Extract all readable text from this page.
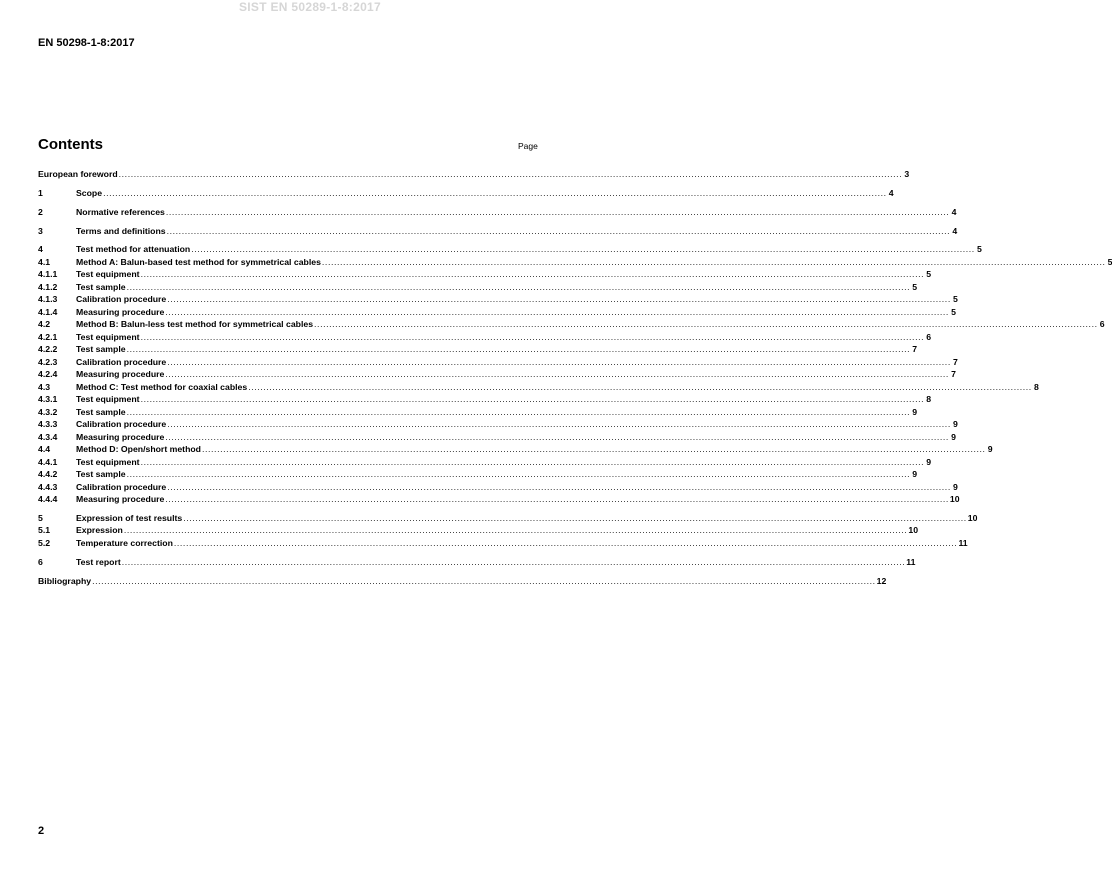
SIST EN 50289-1-8:2017
EN 50298-1-8:2017
Contents	Page
European foreword .................................................................................................................................................................................................................................................................... 3
1	Scope .................................................................................................................................................................................................................................................................... 4
2	Normative references .................................................................................................................................................................................................................................................................... 4
3	Terms and definitions .................................................................................................................................................................................................................................................................... 4
4	Test method for attenuation .................................................................................................................................................................................................................................................................... 5
4.1	Method A: Balun-based test method for symmetrical cables .................................................................................................................................................................................................................................................................... 5
4.1.1	Test equipment .................................................................................................................................................................................................................................................................... 5
4.1.2	Test sample .................................................................................................................................................................................................................................................................... 5
4.1.3	Calibration procedure .................................................................................................................................................................................................................................................................... 5
4.1.4	Measuring procedure .................................................................................................................................................................................................................................................................... 5
4.2	Method B: Balun-less test method for symmetrical cables .................................................................................................................................................................................................................................................................... 6
4.2.1	Test equipment .................................................................................................................................................................................................................................................................... 6
4.2.2	Test sample .................................................................................................................................................................................................................................................................... 7
4.2.3	Calibration procedure .................................................................................................................................................................................................................................................................... 7
4.2.4	Measuring procedure .................................................................................................................................................................................................................................................................... 7
4.3	Method C: Test method for coaxial cables .................................................................................................................................................................................................................................................................... 8
4.3.1	Test equipment .................................................................................................................................................................................................................................................................... 8
4.3.2	Test sample .................................................................................................................................................................................................................................................................... 9
4.3.3	Calibration procedure .................................................................................................................................................................................................................................................................... 9
4.3.4	Measuring procedure .................................................................................................................................................................................................................................................................... 9
4.4	Method D: Open/short method .................................................................................................................................................................................................................................................................... 9
4.4.1	Test equipment .................................................................................................................................................................................................................................................................... 9
4.4.2	Test sample .................................................................................................................................................................................................................................................................... 9
4.4.3	Calibration procedure .................................................................................................................................................................................................................................................................... 9
4.4.4	Measuring procedure .................................................................................................................................................................................................................................................................... 10
5	Expression of test results .................................................................................................................................................................................................................................................................... 10
5.1	Expression .................................................................................................................................................................................................................................................................... 10
5.2	Temperature correction .................................................................................................................................................................................................................................................................... 11
6	Test report .................................................................................................................................................................................................................................................................... 11
Bibliography .................................................................................................................................................................................................................................................................... 12
2
